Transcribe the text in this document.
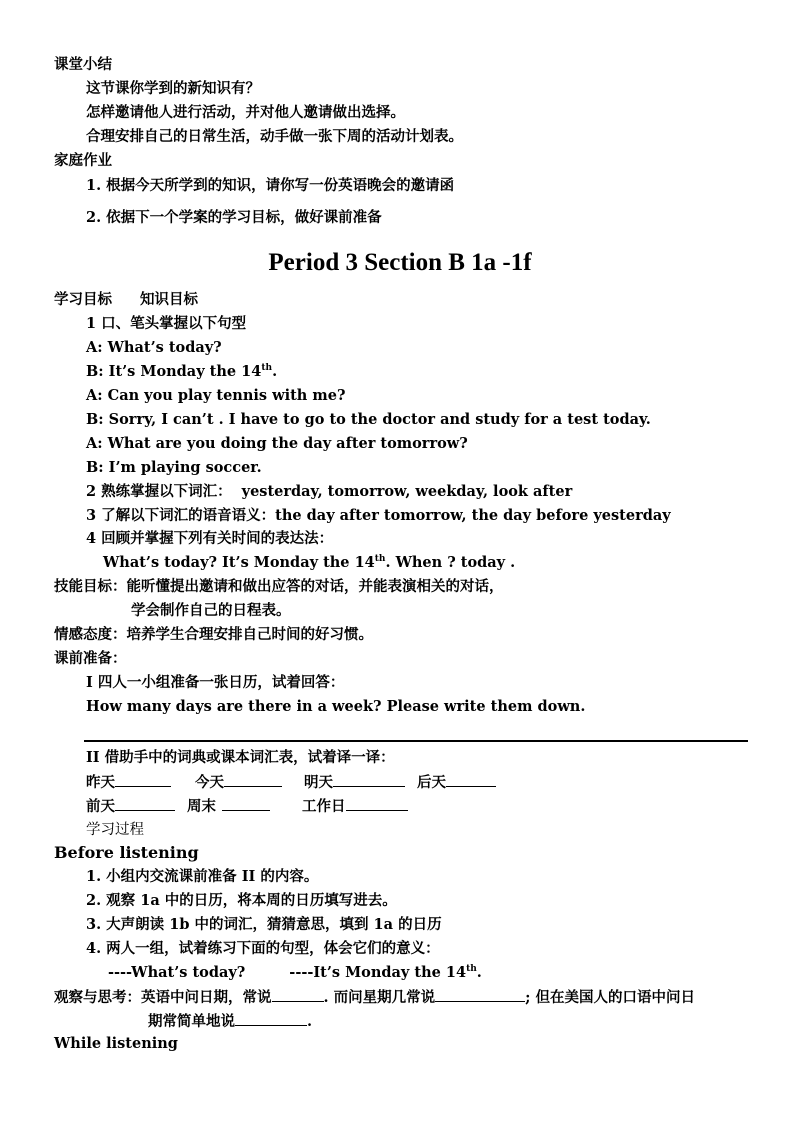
课堂小结
这节课你学到的新知识有？
怎样邀请他人进行活动，并对他人邀请做出选择。
合理安排自己的日常生活，动手做一张下周的活动计划表。
家庭作业
1. 根据今天所学到的知识，请你写一份英语晚会的邀请函
2. 依据下一个学案的学习目标，做好课前准备
Period 3 Section B 1a -1f
学习目标 知识目标
1 口、笔头掌握以下句型
A: What’s today?
B: It’s Monday the 14th.
A: Can you play tennis with me?
B: Sorry, I can’t . I have to go to the doctor and study for a test today.
A: What are you doing the day after tomorrow?
B: I’m playing soccer.
2 熟练掌握以下词汇： yesterday, tomorrow, weekday, look after
3 了解以下词汇的语音语义：the day after tomorrow, the day before yesterday
4 回顾并掌握下列有关时间的表达法：
What’s today? It’s Monday the 14th. When ? today .
技能目标：能听懂提出邀请和做出应答的对话，并能表演相关的对话，
学会制作自己的日程表。
情感态度：培养学生合理安排自己时间的好习惯。
课前准备：
I 四人一小组准备一张日历，试着回答：
How many days are there in a week? Please write them down.
II 借助手中的词典或课本词汇表，试着译一译：
昨天	今天	明天	后天
前天	周末	工作日
学习过程
Before listening
1. 小组内交流课前准备 II 的内容。
2. 观察 1a 中的日历，将本周的日历填写进去。
3. 大声朗读 1b 中的词汇，猜猜意思，填到 1a 的日历
4. 两人一组，试着练习下面的句型，体会它们的意义：
----What’s today?	----It’s Monday the 14th.
观察与思考：英语中问日期，常说	. 而问星期几常说	; 但在美国人的口语中问日
期常简单地说	.
While listening
